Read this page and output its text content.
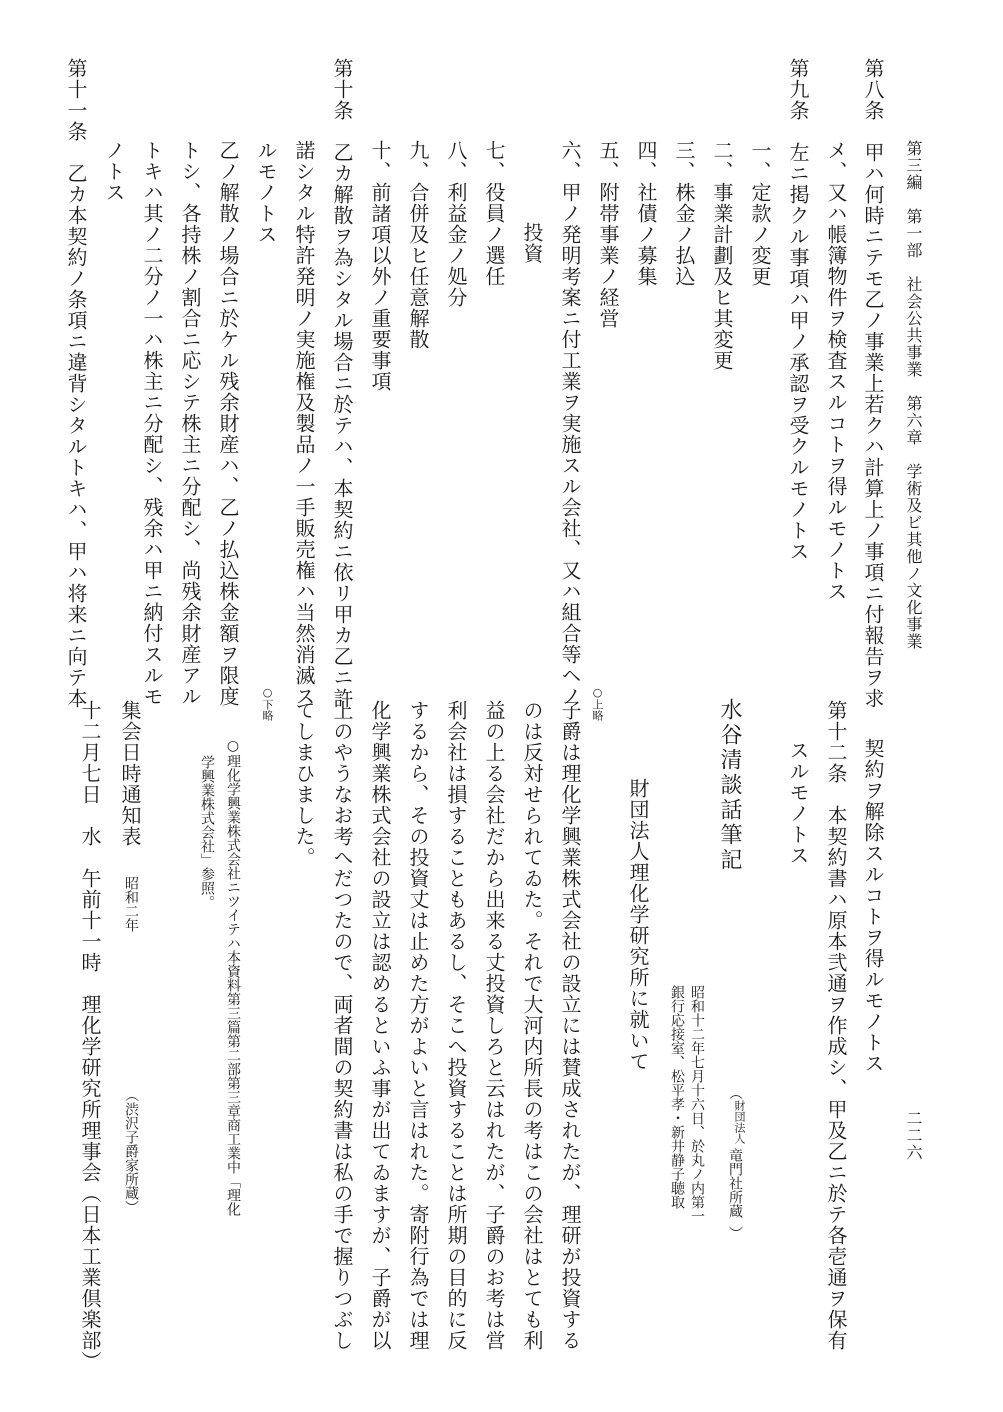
第三編　第一部　社会公共事業　第六章　学術及ビ其他ノ文化事業
二二六
第八条　甲ハ何時ニテモ乙ノ事業上若クハ計算上ノ事項ニ付報告ヲ求
メ、又ハ帳簿物件ヲ検査スルコトヲ得ルモノトス
第九条　左ニ掲クル事項ハ甲ノ承認ヲ受クルモノトス
一、定款ノ変更
二、事業計劃及ヒ其変更
三、株金ノ払込
四、社債ノ募集
五、附帯事業ノ経営
六、甲ノ発明考案ニ付工業ヲ実施スル会社、又ハ組合等ヘノ
投資
七、役員ノ選任
八、利益金ノ処分
九、合併及ヒ任意解散
十、前諸項以外ノ重要事項
第十条　乙カ解散ヲ為シタル場合ニ於テハ、本契約ニ依リ甲カ乙ニ許
諾シタル特許発明ノ実施権及製品ノ一手販売権ハ当然消滅ス
ルモノトス
乙ノ解散ノ場合ニ於ケル残余財産ハ、乙ノ払込株金額ヲ限度
トシ、各持株ノ割合ニ応シテ株主ニ分配シ、尚残余財産アル
トキハ其ノ二分ノ一ハ株主ニ分配シ、残余ハ甲ニ納付スルモ
ノトス
第十一条　乙カ本契約ノ条項ニ違背シタルトキハ、甲ハ将来ニ向テ本
契約ヲ解除スルコトヲ得ルモノトス
第十二条　本契約書ハ原本弐通ヲ作成シ、甲及乙ニ於テ各壱通ヲ保有
スルモノトス
（
財団法人
竜門社所蔵
）
水谷清談話筆記
昭和十二年七月十六日、於丸ノ内第一
銀行応接室、松平孝・新井静子聴取
財団法人理化学研究所に就いて
○上略
子爵は理化学興業株式会社の設立には賛成されたが、理研が投資する
のは反対せられてゐた。それで大河内所長の考はこの会社はとても利
益の上る会社だから出来る丈投資しろと云はれたが、子爵のお考は営
利会社は損することもあるし、そこへ投資することは所期の目的に反
するから、その投資丈は止めた方がよいと言はれた。寄附行為では理
化学興業株式会社の設立は認めるといふ事が出てゐますが、子爵が以
上のやうなお考へだつたので、両者間の契約書は私の手で握りつぶし
てしまひました。
○下略
○理化学興業株式会社ニツイテハ本資料第三篇第二部第三章商工業中「理化
学興業株式会社」参照。
集会日時通知表
昭和二年
（渋沢子爵家所蔵）
十二月七日　水　午前十一時　理化学研究所理事会（日本工業倶楽部）
